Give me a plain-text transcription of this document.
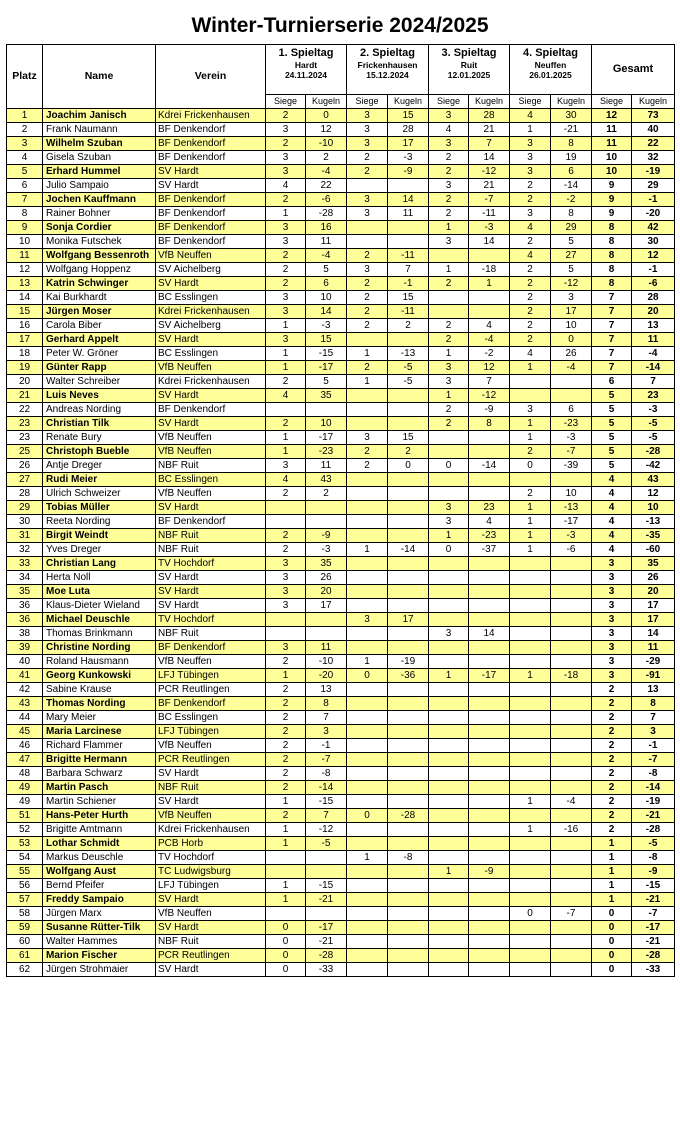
Winter-Turnierserie 2024/2025
Platz	Name	Verein	1. Spieltag
Hardt
24.11.2024		2. Spieltag
Frickenhausen
15.12.2024		3. Spieltag
Ruit
12.01.2025		4. Spieltag
Neuffen
26.01.2025		Gesamt	
			Siege	Kugeln	Siege	Kugeln	Siege	Kugeln	Siege	Kugeln	Siege	Kugeln
1	Joachim Janisch	Kdrei Frickenhausen	2	0	3	15	3	28	4	30	12	73
2	Frank Naumann	BF Denkendorf	3	12	3	28	4	21	1	-21	11	40
3	Wilhelm Szuban	BF Denkendorf	2	-10	3	17	3	7	3	8	11	22
4	Gisela Szuban	BF Denkendorf	3	2	2	-3	2	14	3	19	10	32
5	Erhard Hummel	SV Hardt	3	-4	2	-9	2	-12	3	6	10	-19
6	Julio Sampaio	SV Hardt	4	22			3	21	2	-14	9	29
7	Jochen Kauffmann	BF Denkendorf	2	-6	3	14	2	-7	2	-2	9	-1
8	Rainer Bohner	BF Denkendorf	1	-28	3	11	2	-11	3	8	9	-20
9	Sonja Cordier	BF Denkendorf	3	16			1	-3	4	29	8	42
10	Monika Futschek	BF Denkendorf	3	11			3	14	2	5	8	30
11	Wolfgang Bessenroth	VfB Neuffen	2	-4	2	-11			4	27	8	12
12	Wolfgang Hoppenz	SV Aichelberg	2	5	3	7	1	-18	2	5	8	-1
13	Katrin Schwinger	SV Hardt	2	6	2	-1	2	1	2	-12	8	-6
14	Kai Burkhardt	BC Esslingen	3	10	2	15			2	3	7	28
15	Jürgen Moser	Kdrei Frickenhausen	3	14	2	-11			2	17	7	20
16	Carola Biber	SV Aichelberg	1	-3	2	2	2	4	2	10	7	13
17	Gerhard Appelt	SV Hardt	3	15			2	-4	2	0	7	11
18	Peter W. Gröner	BC Esslingen	1	-15	1	-13	1	-2	4	26	7	-4
19	Günter Rapp	VfB Neuffen	1	-17	2	-5	3	12	1	-4	7	-14
20	Walter Schreiber	Kdrei Frickenhausen	2	5	1	-5	3	7			6	7
21	Luis Neves	SV Hardt	4	35			1	-12			5	23
22	Andreas Nording	BF Denkendorf					2	-9	3	6	5	-3
23	Christian Tilk	SV Hardt	2	10			2	8	1	-23	5	-5
23	Renate Bury	VfB Neuffen	1	-17	3	15			1	-3	5	-5
25	Christoph Bueble	VfB Neuffen	1	-23	2	2			2	-7	5	-28
26	Antje Dreger	NBF Ruit	3	11	2	0	0	-14	0	-39	5	-42
27	Rudi Meier	BC Esslingen	4	43							4	43
28	Ulrich Schweizer	VfB Neuffen	2	2					2	10	4	12
29	Tobias Müller	SV Hardt					3	23	1	-13	4	10
30	Reeta Nording	BF Denkendorf					3	4	1	-17	4	-13
31	Birgit Weindt	NBF Ruit	2	-9			1	-23	1	-3	4	-35
32	Yves Dreger	NBF Ruit	2	-3	1	-14	0	-37	1	-6	4	-60
33	Christian Lang	TV Hochdorf	3	35							3	35
34	Herta Noll	SV Hardt	3	26							3	26
35	Moe Luta	SV Hardt	3	20							3	20
36	Klaus-Dieter Wieland	SV Hardt	3	17							3	17
36	Michael Deuschle	TV Hochdorf			3	17					3	17
38	Thomas Brinkmann	NBF Ruit					3	14			3	14
39	Christine Nording	BF Denkendorf	3	11							3	11
40	Roland Hausmann	VfB Neuffen	2	-10	1	-19					3	-29
41	Georg Kunkowski	LFJ Tübingen	1	-20	0	-36	1	-17	1	-18	3	-91
42	Sabine Krause	PCR Reutlingen	2	13							2	13
43	Thomas Nording	BF Denkendorf	2	8							2	8
44	Mary Meier	BC Esslingen	2	7							2	7
45	Maria Larcinese	LFJ Tübingen	2	3							2	3
46	Richard Flammer	VfB Neuffen	2	-1							2	-1
47	Brigitte Hermann	PCR Reutlingen	2	-7							2	-7
48	Barbara Schwarz	SV Hardt	2	-8							2	-8
49	Martin Pasch	NBF Ruit	2	-14							2	-14
49	Martin Schiener	SV Hardt	1	-15					1	-4	2	-19
51	Hans-Peter Hurth	VfB Neuffen	2	7	0	-28					2	-21
52	Brigitte Amtmann	Kdrei Frickenhausen	1	-12					1	-16	2	-28
53	Lothar Schmidt	PCB Horb	1	-5							1	-5
54	Markus Deuschle	TV Hochdorf			1	-8					1	-8
55	Wolfgang Aust	TC Ludwigsburg					1	-9			1	-9
56	Bernd Pfeifer	LFJ Tübingen	1	-15							1	-15
57	Freddy Sampaio	SV Hardt	1	-21							1	-21
58	Jürgen Marx	VfB Neuffen							0	-7	0	-7
59	Susanne Rütter-Tilk	SV Hardt	0	-17							0	-17
60	Walter Hammes	NBF Ruit	0	-21							0	-21
61	Marion Fischer	PCR Reutlingen	0	-28							0	-28
62	Jürgen Strohmaier	SV Hardt	0	-33							0	-33
